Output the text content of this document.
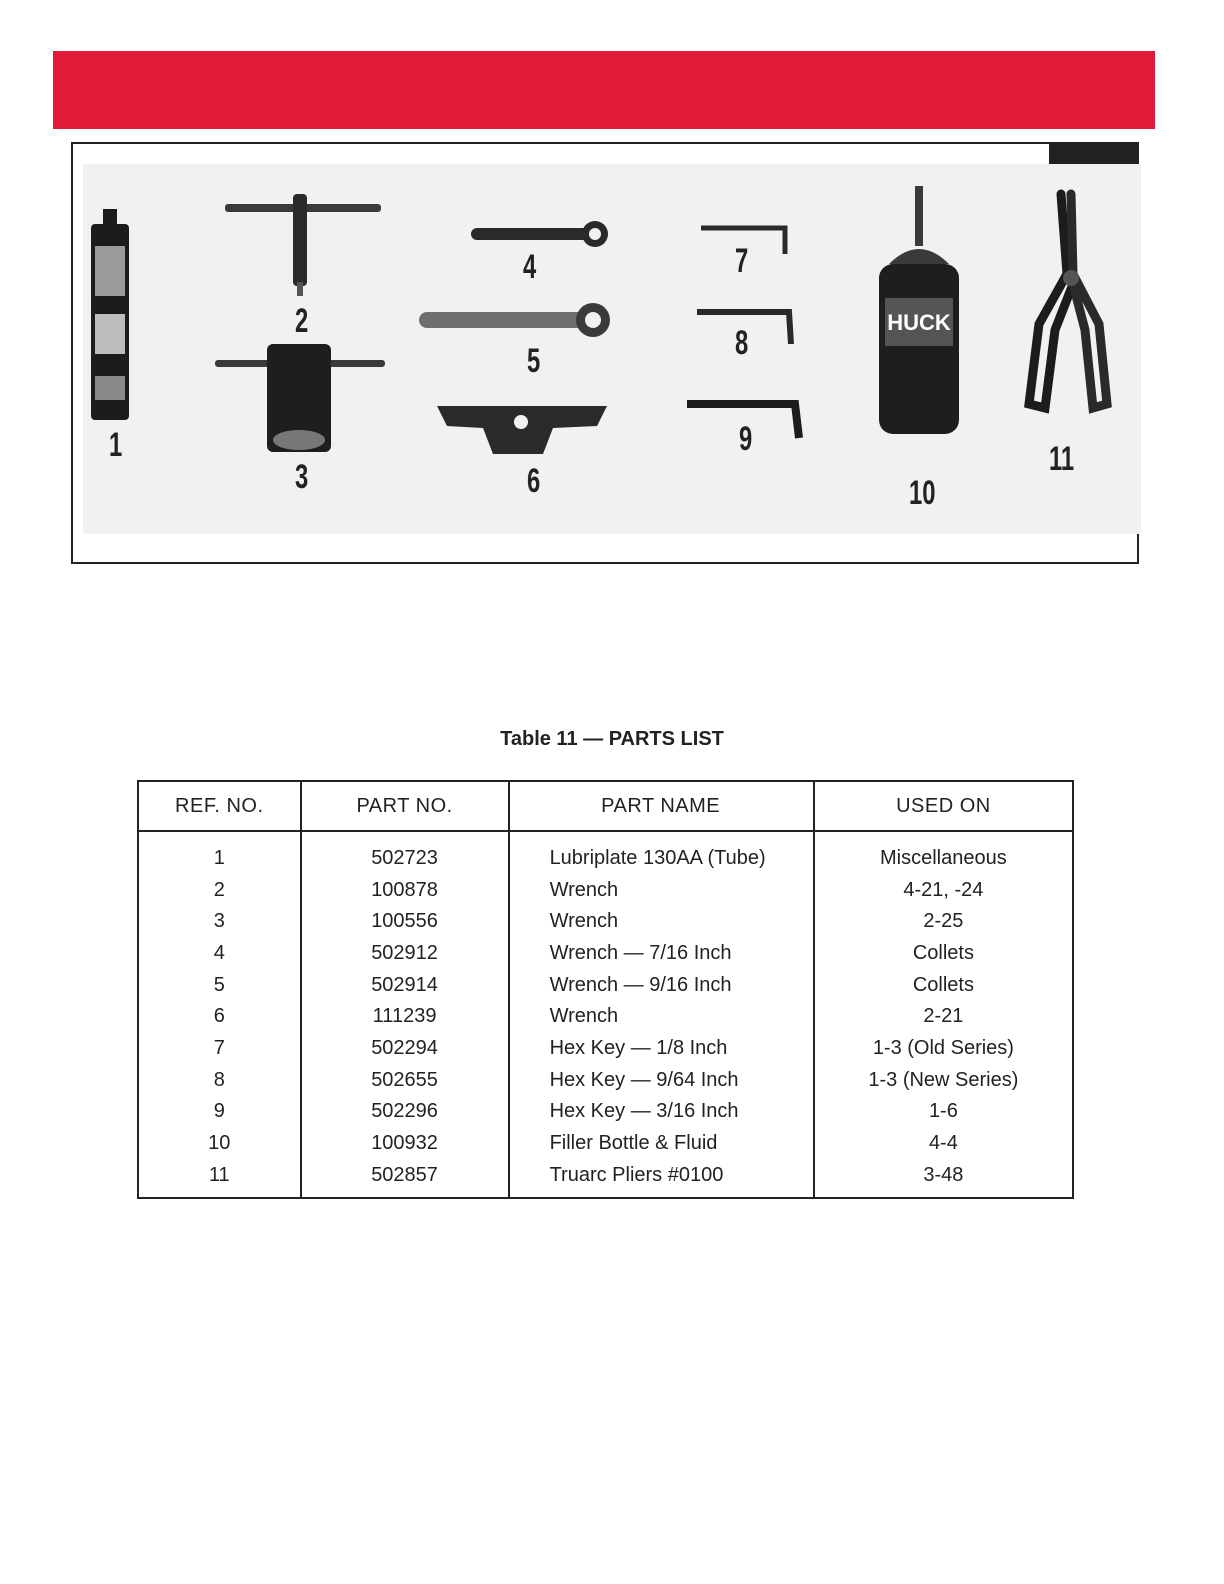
HUCK
1
2
3
4
5
6
7
8
9
10
11
Table 11 — PARTS LIST
REF. NO.	PART NO.	PART NAME	USED ON
1	502723	Lubriplate 130AA (Tube)	Miscellaneous
2	100878	Wrench	4-21, -24
3	100556	Wrench	2-25
4	502912	Wrench — 7/16 Inch	Collets
5	502914	Wrench — 9/16 Inch	Collets
6	111239	Wrench	2-21
7	502294	Hex Key — 1/8 Inch	1-3 (Old Series)
8	502655	Hex Key — 9/64 Inch	1-3 (New Series)
9	502296	Hex Key — 3/16 Inch	1-6
10	100932	Filler Bottle & Fluid	4-4
11	502857	Truarc Pliers #0100	3-48
